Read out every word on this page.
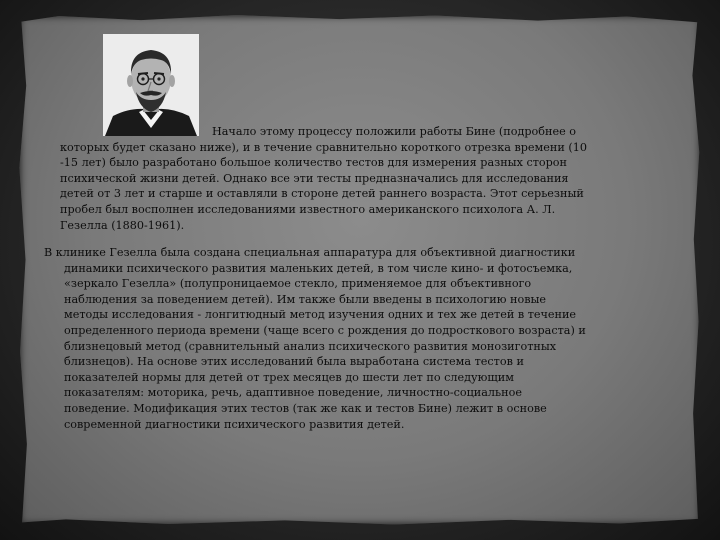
Начало этому процессу положили работы Бине (подробнее о
которых будет сказано ниже), и в течение сравнительно короткого отрезка времени (10
-15 лет) было разработано большое количество тестов для измерения разных сторон
психической жизни детей. Однако все эти тесты предназначались для исследования
детей от 3 лет и старше и оставляли в стороне детей раннего возраста. Этот серьезный
пробел был восполнен исследованиями известного американского психолога А. Л.
Гезелла (1880-1961).
В клинике Гезелла была создана специальная аппаратура для объективной диагностики
динамики психического развития маленьких детей, в том числе кино- и фотосъемка,
«зеркало Гезелла» (полупроницаемое стекло, применяемое для объективного
наблюдения за поведением детей). Им также были введены в психологию новые
методы исследования - лонгитюдный метод изучения одних и тех же детей в течение
определенного периода времени (чаще всего с рождения до подросткового возраста) и
близнецовый метод (сравнительный анализ психического развития монозиготных
близнецов). На основе этих исследований была выработана система тестов и
показателей нормы для детей от трех месяцев до шести лет по следующим
показателям: моторика, речь, адаптивное поведение, личностно-социальное
поведение. Модификация этих тестов (так же как и тестов Бине) лежит в основе
современной диагностики психического развития детей.
